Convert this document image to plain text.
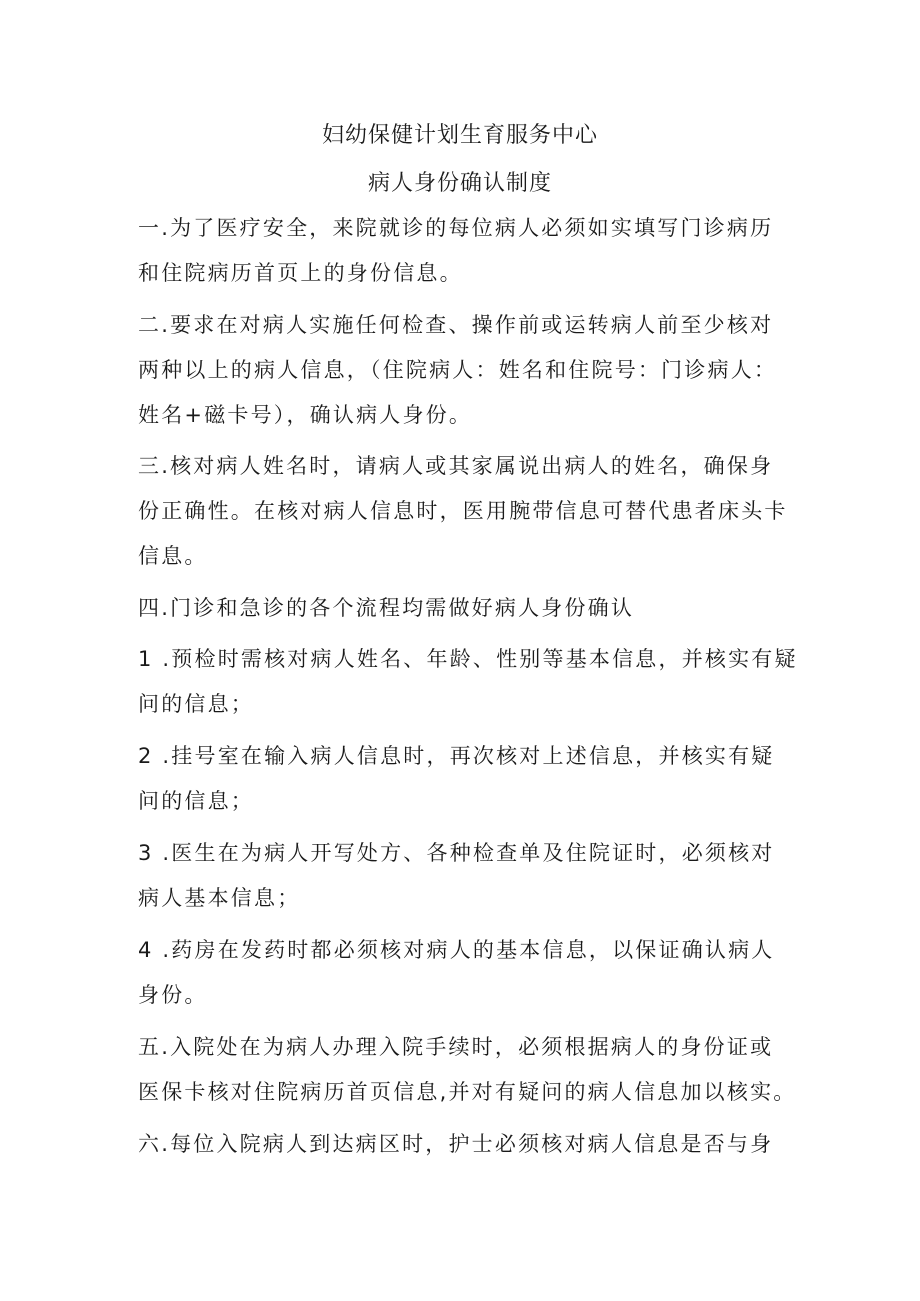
妇幼保健计划生育服务中心
病人身份确认制度

一.为了医疗安全，来院就诊的每位病人必须如实填写门诊病历

和住院病历首页上的身份信息。

二.要求在对病人实施任何检查、操作前或运转病人前至少核对

两种以上的病人信息，（住院病人：姓名和住院号：门诊病人：

姓名+磁卡号），确认病人身份。

三.核对病人姓名时，请病人或其家属说出病人的姓名，确保身

份正确性。在核对病人信息时，医用腕带信息可替代患者床头卡

信息。

四.门诊和急诊的各个流程均需做好病人身份确认

1 .预检时需核对病人姓名、年龄、性别等基本信息，并核实有疑

问的信息；

2 .挂号室在输入病人信息时，再次核对上述信息，并核实有疑

问的信息；

3 .医生在为病人开写处方、各种检查单及住院证时，必须核对

病人基本信息；

4 .药房在发药时都必须核对病人的基本信息，以保证确认病人

身份。

五.入院处在为病人办理入院手续时，必须根据病人的身份证或

医保卡核对住院病历首页信息,并对有疑问的病人信息加以核实。

六.每位入院病人到达病区时，护士必须核对病人信息是否与身
